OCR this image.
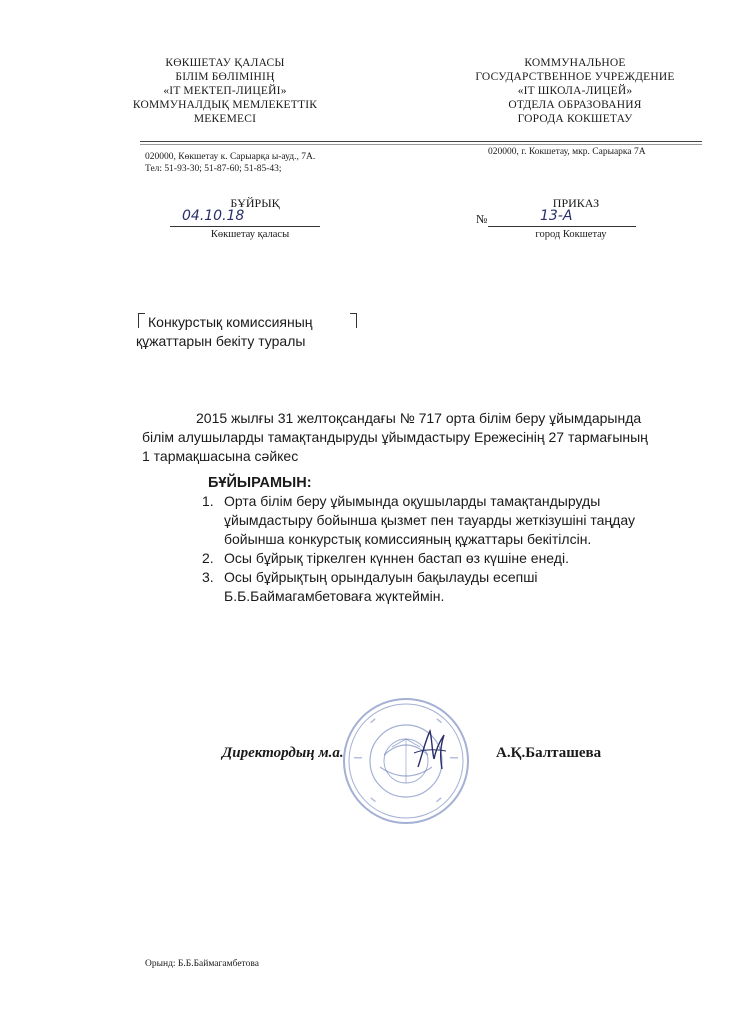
КӨКШЕТАУ ҚАЛАСЫ
БІЛІМ БӨЛІМІНІҢ
«IT МЕКТЕП-ЛИЦЕЙІ»
КОММУНАЛДЫҚ МЕМЛЕКЕТТІК
МЕКЕМЕСІ
КОММУНАЛЬНОЕ
ГОСУДАРСТВЕННОЕ УЧРЕЖДЕНИЕ
«IT ШКОЛА-ЛИЦЕЙ»
ОТДЕЛА ОБРАЗОВАНИЯ
ГОРОДА КОКШЕТАУ
020000, Көкшетау к. Сарыарқа ы-ауд., 7А.
Тел: 51-93-30; 51-87-60; 51-85-43;
020000, г. Кокшетау, мкр. Сарыарка 7А
БҰЙРЫҚ
04.10.18
Көкшетау қаласы
ПРИКАЗ
№	13-А
город Кокшетау
Конкурстық комиссияның
құжаттарын бекіту туралы
2015 жылғы 31 желтоқсандағы № 717 орта білім беру ұйымдарында
білім алушыларды тамақтандыруды ұйымдастыру Ережесінің 27 тармағының
1 тармақшасына сәйкес
БҰЙЫРАМЫН:
1. Орта білім беру ұйымында оқушыларды тамақтандыруды
ұйымдастыру бойынша қызмет пен тауарды жеткізушіні таңдау
бойынша конкурстық комиссияның құжаттары бекітілсін.
2. Осы бұйрық тіркелген күннен бастап өз күшіне енеді.
3. Осы бұйрықтың орындалуын бақылауды есепші
Б.Б.Баймагамбетоваға жүктеймін.
Директордың м.а.	А.Қ.Балташева
Орынд: Б.Б.Баймагамбетова
